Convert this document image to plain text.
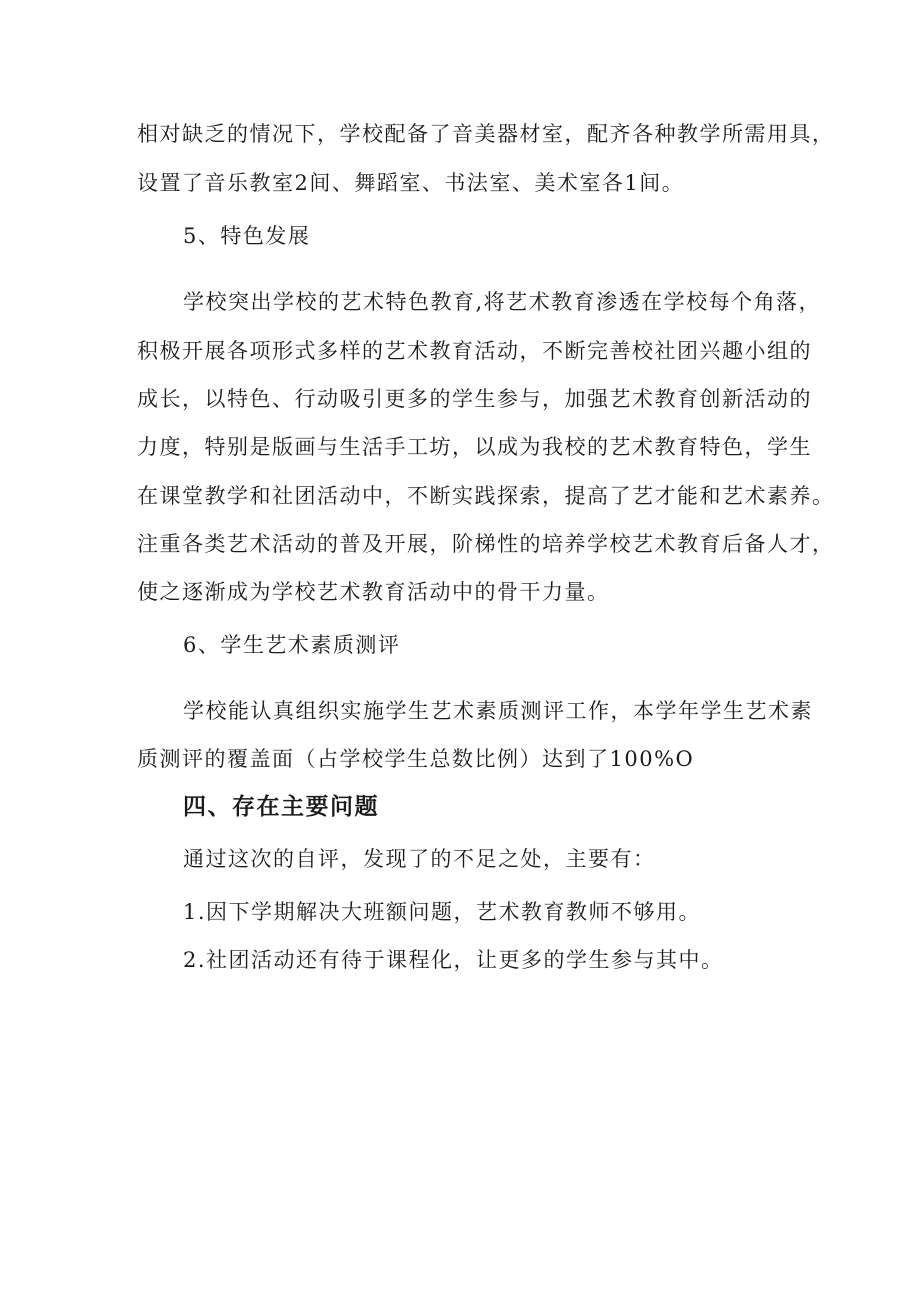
相对缺乏的情况下，学校配备了音美器材室，配齐各种教学所需用具，
设置了音乐教室2间、舞蹈室、书法室、美术室各1间。
5、特色发展
学校突出学校的艺术特色教育,将艺术教育渗透在学校每个角落，
积极开展各项形式多样的艺术教育活动，不断完善校社团兴趣小组的
成长，以特色、行动吸引更多的学生参与，加强艺术教育创新活动的
力度，特别是版画与生活手工坊，以成为我校的艺术教育特色，学生
在课堂教学和社团活动中，不断实践探索，提高了艺才能和艺术素养。
注重各类艺术活动的普及开展，阶梯性的培养学校艺术教育后备人才，
使之逐渐成为学校艺术教育活动中的骨干力量。
6、学生艺术素质测评
学校能认真组织实施学生艺术素质测评工作，本学年学生艺术素
质测评的覆盖面（占学校学生总数比例）达到了100%O
四、存在主要问题
通过这次的自评，发现了的不足之处，主要有：
1.因下学期解决大班额问题，艺术教育教师不够用。
2.社团活动还有待于课程化，让更多的学生参与其中。
